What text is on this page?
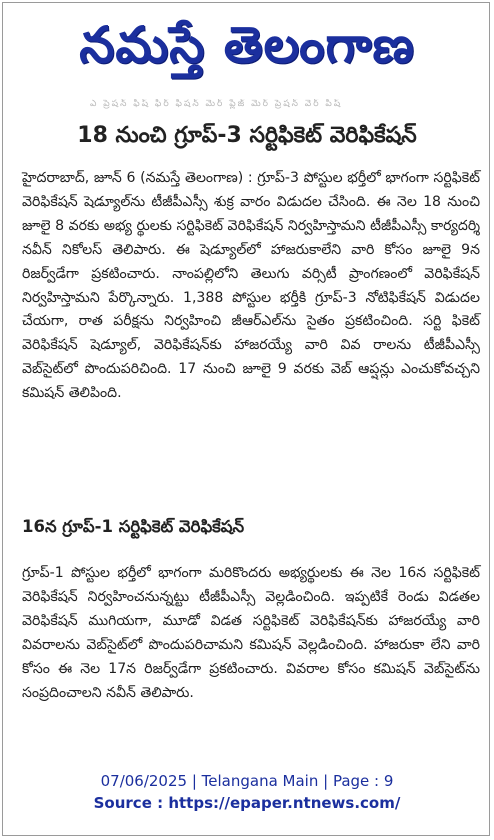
నమస్తే తెలంగాణ
ఎ ప్రెషన్ ఫిష్ ఫిర్ ఫిషన్ మెర్ ప్లేజ్ మెర్ ప్రెషన్ వెర్ పిష్
18 నుంచి గ్రూప్‌-3 సర్టిఫికెట్‌ వెరిఫికేషన్‌

హైదరాబాద్‌, జూన్‌ 6 (నమస్తే తెలంగాణ) : గ్రూప్‌-3 పోస్టుల భర్తీలో భాగంగా సర్టిఫికెట్‌ వెరిఫికేషన్‌ షెడ్యూల్‌ను టీజీపీఎస్సీ శుక్ర వారం విడుదల చేసింది. ఈ నెల 18 నుంచి జూలై 8 వరకు అభ్య ర్థులకు సర్టిఫికెట్‌ వెరిఫికేషన్‌ నిర్వహిస్తామని టీజీపీఎస్సీ కార్యదర్శి నవీన్‌ నికోలస్‌ తెలిపారు. ఈ షెడ్యూల్‌లో హాజరుకాలేని వారి కోసం జూలై 9న రిజర్వ్‌డేగా ప్రకటించారు. నాంపల్లిలోని తెలుగు వర్సిటీ ప్రాంగణంలో వెరిఫికేషన్‌ నిర్వహిస్తామని పేర్కొన్నారు. 1,388 పోస్టుల భర్తీకి గ్రూప్‌-3 నోటిఫికేషన్‌ విడుదల చేయగా, రాత పరీక్షను నిర్వహించి జీఆర్‌ఎల్‌ను సైతం ప్రకటించింది. సర్టి ఫికెట్‌ వెరిఫికేషన్‌ షెడ్యూల్‌, వెరిఫికేషన్‌కు హాజరయ్యే వారి వివ రాలను టీజీపీఎస్సీ వెబ్‌సైట్‌లో పొందుపరిచింది. 17 నుంచి జూలై 9 వరకు వెబ్‌ ఆప్షన్లు ఎంచుకోవచ్చని కమిషన్‌ తెలిపింది.

16న గ్రూప్‌-1 సర్టిఫికెట్‌ వెరిఫికేషన్‌

గ్రూప్‌-1 పోస్టుల భర్తీలో భాగంగా మరికొందరు అభ్యర్థులకు ఈ నెల 16న సర్టిఫికెట్‌ వెరిఫికేషన్‌ నిర్వహించనున్నట్టు టీజీపీఎస్సీ వెల్లడించింది. ఇప్పటికే రెండు విడతల వెరిఫికేషన్‌ ముగియగా, మూడో విడత సర్టిఫికెట్‌ వెరిఫికేషన్‌కు హాజరయ్యే వారి వివరాలను వెబ్‌సైట్‌లో పొందుపరిచామని కమిషన్‌ వెల్లడించింది. హాజరుకా లేని వారి కోసం ఈ నెల 17న రిజర్వ్‌డేగా ప్రకటించారు. వివరాల కోసం కమిషన్‌ వెబ్‌సైట్‌ను సంప్రదించాలని నవీన్‌ తెలిపారు.

07/06/2025 | Telangana Main | Page : 9
Source : https://epaper.ntnews.com/
